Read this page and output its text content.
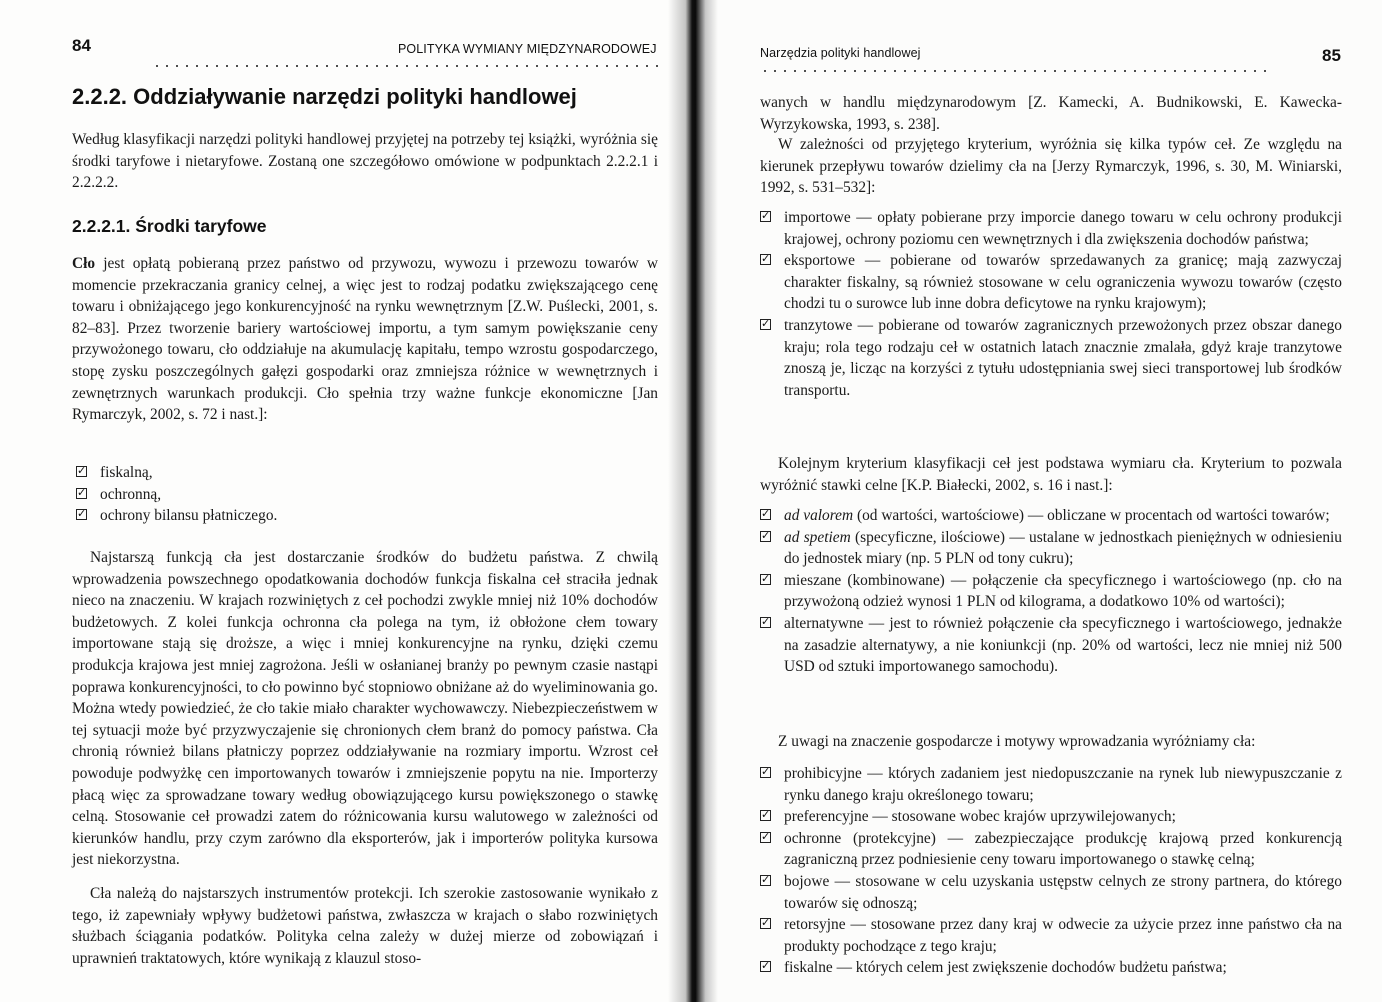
84	POLITYKA WYMIANY MIĘDZYNARODOWEJ
2.2.2. Oddziaływanie narzędzi polityki handlowej

Według klasyfikacji narzędzi polityki handlowej przyjętej na potrzeby tej książki, wyróżnia się środki taryfowe i nietaryfowe. Zostaną one szczegółowo omówione w podpunktach 2.2.2.1 i 2.2.2.2.

2.2.2.1. Środki taryfowe

Cło jest opłatą pobieraną przez państwo od przywozu, wywozu i przewozu towarów w momencie przekraczania granicy celnej, a więc jest to rodzaj podatku zwiększającego cenę towaru i obniżającego jego konkurencyjność na rynku wewnętrznym [Z.W. Puślecki, 2001, s. 82–83]. Przez tworzenie bariery wartościowej importu, a tym samym powiększanie ceny przywożonego towaru, cło oddziałuje na akumulację kapitału, tempo wzrostu gospodarczego, stopę zysku poszczególnych gałęzi gospodarki oraz zmniejsza różnice w wewnętrznych i zewnętrznych warunkach produkcji. Cło spełnia trzy ważne funkcje ekonomiczne [Jan Rymarczyk, 2002, s. 72 i nast.]:

✓
fiskalną,
✓
ochronną,
✓
ochrony bilansu płatniczego.

Najstarszą funkcją cła jest dostarczanie środków do budżetu państwa. Z chwilą wprowadzenia powszechnego opodatkowania dochodów funkcja fiskalna ceł straciła jednak nieco na znaczeniu. W krajach rozwiniętych z ceł pochodzi zwykle mniej niż 10% dochodów budżetowych. Z kolei funkcja ochronna cła polega na tym, iż obłożone cłem towary importowane stają się droższe, a więc i mniej konkurencyjne na rynku, dzięki czemu produkcja krajowa jest mniej zagrożona. Jeśli w osłanianej branży po pewnym czasie nastąpi poprawa konkurencyjności, to cło powinno być stopniowo obniżane aż do wyeliminowania go. Można wtedy powiedzieć, że cło takie miało charakter wychowawczy. Niebezpieczeństwem w tej sytuacji może być przyzwyczajenie się chronionych cłem branż do pomocy państwa. Cła chronią również bilans płatniczy poprzez oddziaływanie na rozmiary importu. Wzrost ceł powoduje podwyżkę cen importowanych towarów i zmniejszenie popytu na nie. Importerzy płacą więc za sprowadzane towary według obowiązującego kursu powiększonego o stawkę celną. Stosowanie ceł prowadzi zatem do różnicowania kursu walutowego w zależności od kierunków handlu, przy czym zarówno dla eksporterów, jak i importerów polityka kursowa jest niekorzystna.

Cła należą do najstarszych instrumentów protekcji. Ich szerokie zastosowanie wynikało z tego, iż zapewniały wpływy budżetowi państwa, zwłaszcza w krajach o słabo rozwiniętych służbach ściągania podatków. Polityka celna zależy w dużej mierze od zobowiązań i uprawnień traktatowych, które wynikają z klauzul stoso-

Narzędzia polityki handlowej	85

wanych w handlu międzynarodowym [Z. Kamecki, A. Budnikowski, E. Kawecka-Wyrzykowska, 1993, s. 238].

W zależności od przyjętego kryterium, wyróżnia się kilka typów ceł. Ze względu na kierunek przepływu towarów dzielimy cła na [Jerzy Rymarczyk, 1996, s. 30, M. Winiarski, 1992, s. 531–532]:

✓
importowe — opłaty pobierane przy imporcie danego towaru w celu ochrony produkcji krajowej, ochrony poziomu cen wewnętrznych i dla zwiększenia dochodów państwa;
✓
eksportowe — pobierane od towarów sprzedawanych za granicę; mają zazwyczaj charakter fiskalny, są również stosowane w celu ograniczenia wywozu towarów (często chodzi tu o surowce lub inne dobra deficytowe na rynku krajowym);
✓
tranzytowe — pobierane od towarów zagranicznych przewożonych przez obszar danego kraju; rola tego rodzaju ceł w ostatnich latach znacznie zmalała, gdyż kraje tranzytowe znoszą je, licząc na korzyści z tytułu udostępniania swej sieci transportowej lub środków transportu.

Kolejnym kryterium klasyfikacji ceł jest podstawa wymiaru cła. Kryterium to pozwala wyróżnić stawki celne [K.P. Białecki, 2002, s. 16 i nast.]:

✓
ad valorem (od wartości, wartościowe) — obliczane w procentach od wartości towarów;
✓
ad spetiem (specyficzne, ilościowe) — ustalane w jednostkach pieniężnych w odniesieniu do jednostek miary (np. 5 PLN od tony cukru);
✓
mieszane (kombinowane) — połączenie cła specyficznego i wartościowego (np. cło na przywożoną odzież wynosi 1 PLN od kilograma, a dodatkowo 10% od wartości);
✓
alternatywne — jest to również połączenie cła specyficznego i wartościowego, jednakże na zasadzie alternatywy, a nie koniunkcji (np. 20% od wartości, lecz nie mniej niż 500 USD od sztuki importowanego samochodu).

Z uwagi na znaczenie gospodarcze i motywy wprowadzania wyróżniamy cła:

✓
prohibicyjne — których zadaniem jest niedopuszczanie na rynek lub niewypuszczanie z rynku danego kraju określonego towaru;
✓
preferencyjne — stosowane wobec krajów uprzywilejowanych;
✓
ochronne (protekcyjne) — zabezpieczające produkcję krajową przed konkurencją zagraniczną przez podniesienie ceny towaru importowanego o stawkę celną;
✓
bojowe — stosowane w celu uzyskania ustępstw celnych ze strony partnera, do którego towarów się odnoszą;
✓
retorsyjne — stosowane przez dany kraj w odwecie za użycie przez inne państwo cła na produkty pochodzące z tego kraju;
✓
fiskalne — których celem jest zwiększenie dochodów budżetu państwa;
